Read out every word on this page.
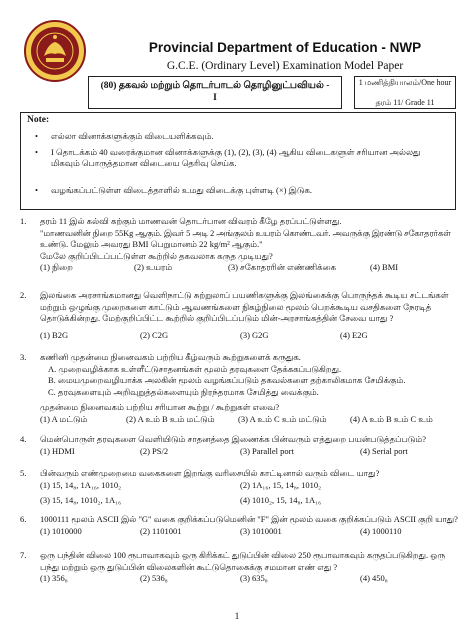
Provincial Department of Education - NWP
G.C.E. (Ordinary Level) Examination Model Paper
(80) தகவல் மற்றும் தொடர்பாடல் தொழினுட்பவியல் -
I
1 மணித்தியாலம்/One hour
தரம் 11/ Grade 11
Note:
• எல்லா வினாக்களுக்கும் விடையளிக்கவும்.
• I தொடக்கம் 40 வரைக்குமான வினாக்களுக்கு (1), (2), (3), (4) ஆகிய விடைகளுள் சரியான அல்லது மிகவும் பொருத்தமான விடையை தெரிவு செய்க.
• வழங்கப்பட்டுள்ள விடைத்தாளில் உமது விடைக்கு புள்ளடி (×) இடுக.
1. தரம் 11 இல் கல்வி கற்கும் மாணவன் தொடர்பான விவரம் கீழே தரப்பட்டுள்ளது.
"மாணவனின் நிறை 55Kg ஆகும். இவர் 5 அடி 2 அங்குலம் உயரம் கொண்டவர். அவருக்கு இரண்டு சகோதரர்கள்
உண்டு. மேலும் அவரது BMI பெறுமானம் 22 kg/m² ஆகும்."
மேலே குறிப்பிடப்பட்டுள்ள கூற்றில் தகவலாக கருத முடியது?
(1) நிறை	(2) உயரம்	(3) சகோதரரின் எண்ணிக்கை	(4) BMI
2. இலங்கை அரசாங்கமானது வெளிநாட்டு சுற்றுலாப் பயணிகளுக்கு இலங்கைக்கு பொருந்தக் கூடிய சட்டங்கள்
மற்றும் ஒழுங்கு முறைகளை காட்டும் ஆவணங்களை நிகழ்நிலை மூலம் பெறக்கூடிய வசதிகளை நேரடித்
தொடுக்கின்றது. மேற்குறிப்பிட்ட கூற்றில் குறிப்பிடப்படும் மின்-அரசாங்கத்தின் சேவை யாது ?
(1) B2G	(2) C2G	(3) G2G	(4) E2G
3. கணினி முதன்மை நினைவகம் பற்றிய கீழ்வரும் கூற்றுகளைக் கருதுக.
A. முறைவழிக்காக உள்ளீட்டுசாதனங்கள் மூலம் தரவுகளை தேக்ககப்படுகிறது.
B. மையமுறைவழியாக்க அலகின் மூலம் வழங்கப்படும் தகவல்களை தற்காலிகமாக சேமிக்கும்.
C. தரவுகளையும் அறிவுறுத்தல்களையும் நிரந்தரமாக சேமித்து வைக்கும்.
முதன்மை நினைவகம் பற்றிய சரியான கூற்று / கூற்றுகள் எவை?
(1) A மட்டும்	(2) A உம் B உம் மட்டும்	(3) A உம் C உம் மட்டும்	(4) A உம் B உம் C உம்
4. மென்பொருள் தரவுகளை வெளியிடும் சாதனத்தை இணைக்க பின்வரும் எத்துறை பயன்படுத்தப்படும்?
(1) HDMI	(2) PS/2	(3) Parallel port	(4) Serial port
5. பின்வரும் எண்முறைமை வகைகளை இறங்கு வரிசையில் காட்டினால் வரும் விடை யாது?
(1) 15, 14₈, 1A₁₆, 1010₂	(2) 1A₁₆, 15, 14₈, 1010₂
(3) 15, 14₈, 1010₂, 1A₁₆	(4) 1010₂, 15, 14₈, 1A₁₆
6. 1000111 மூலம் ASCII இல் "G" வகை குறிக்கப்படுமெனின் "F" இன் மூலம் வகை குறிக்கப்படும் ASCII குறி யாது?
(1) 1010000	(2) 1101001	(3) 1010001	(4) 1000110
7. ஒரு பந்தின் விலை 100 ரூபாவாகவும் ஒரு கிரிக்கட் துடுப்பின் விலை 250 ரூபாவாகவும் கருதப்படுகிறது. ஒரு
பந்து மற்றும் ஒரு துடுப்பின் விலைகளின் கூட்டுதொகைக்கு சமமான எண் எது ?
(1) 356₈	(2) 536₈	(3) 635₈	(4) 450₈
1
